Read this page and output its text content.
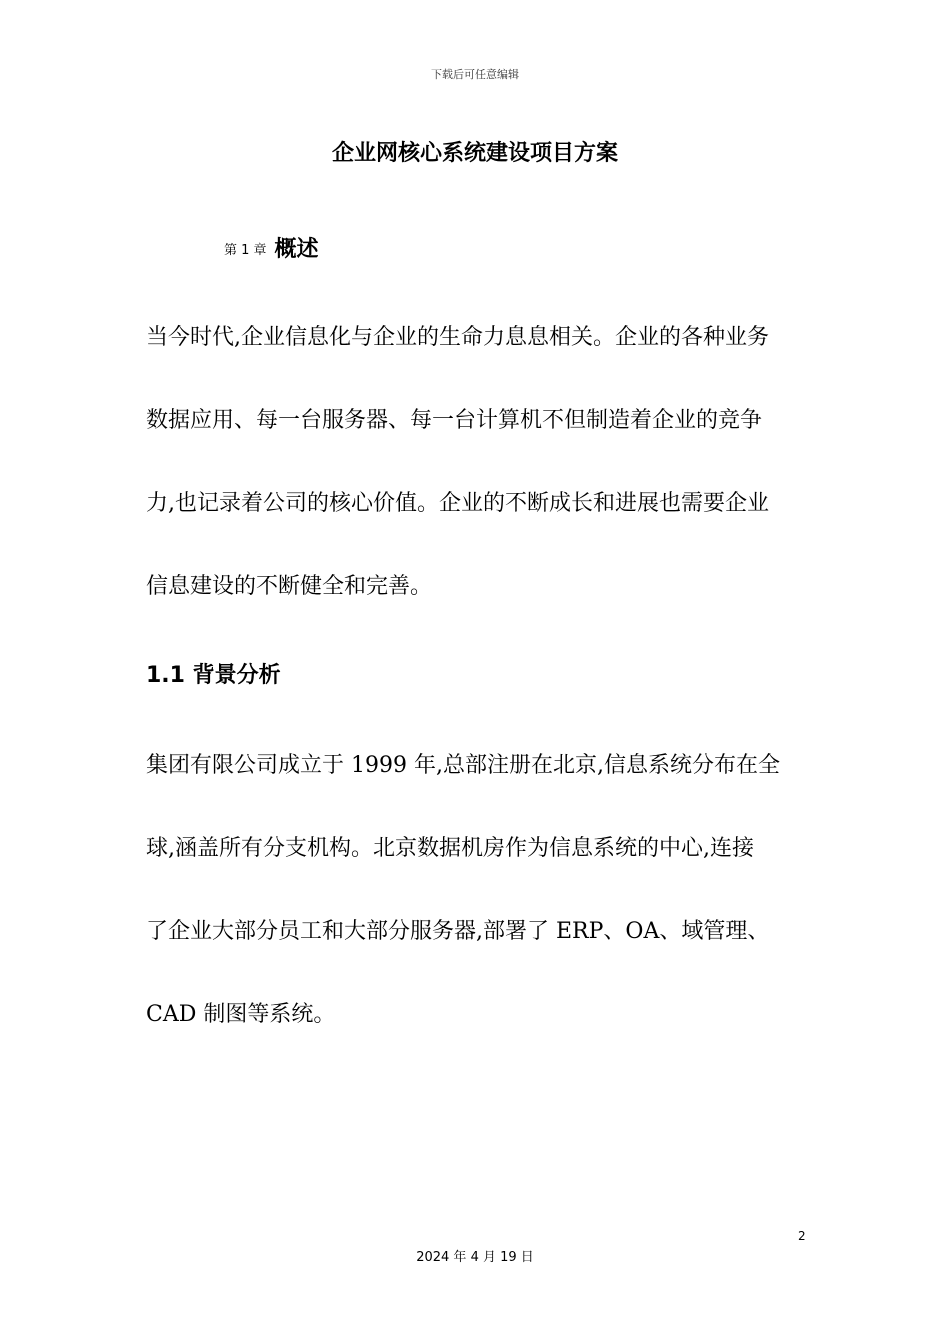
下载后可任意编辑
企业网核心系统建设项目方案
第 1 章 概述
当今时代,企业信息化与企业的生命力息息相关。企业的各种业务
数据应用、每一台服务器、每一台计算机不但制造着企业的竞争
力,也记录着公司的核心价值。企业的不断成长和进展也需要企业
信息建设的不断健全和完善。
1.1 背景分析
集团有限公司成立于 1999 年,总部注册在北京,信息系统分布在全
球,涵盖所有分支机构。北京数据机房作为信息系统的中心,连接
了企业大部分员工和大部分服务器,部署了 ERP、OA、域管理、
CAD 制图等系统。
2
2024 年 4 月 19 日
